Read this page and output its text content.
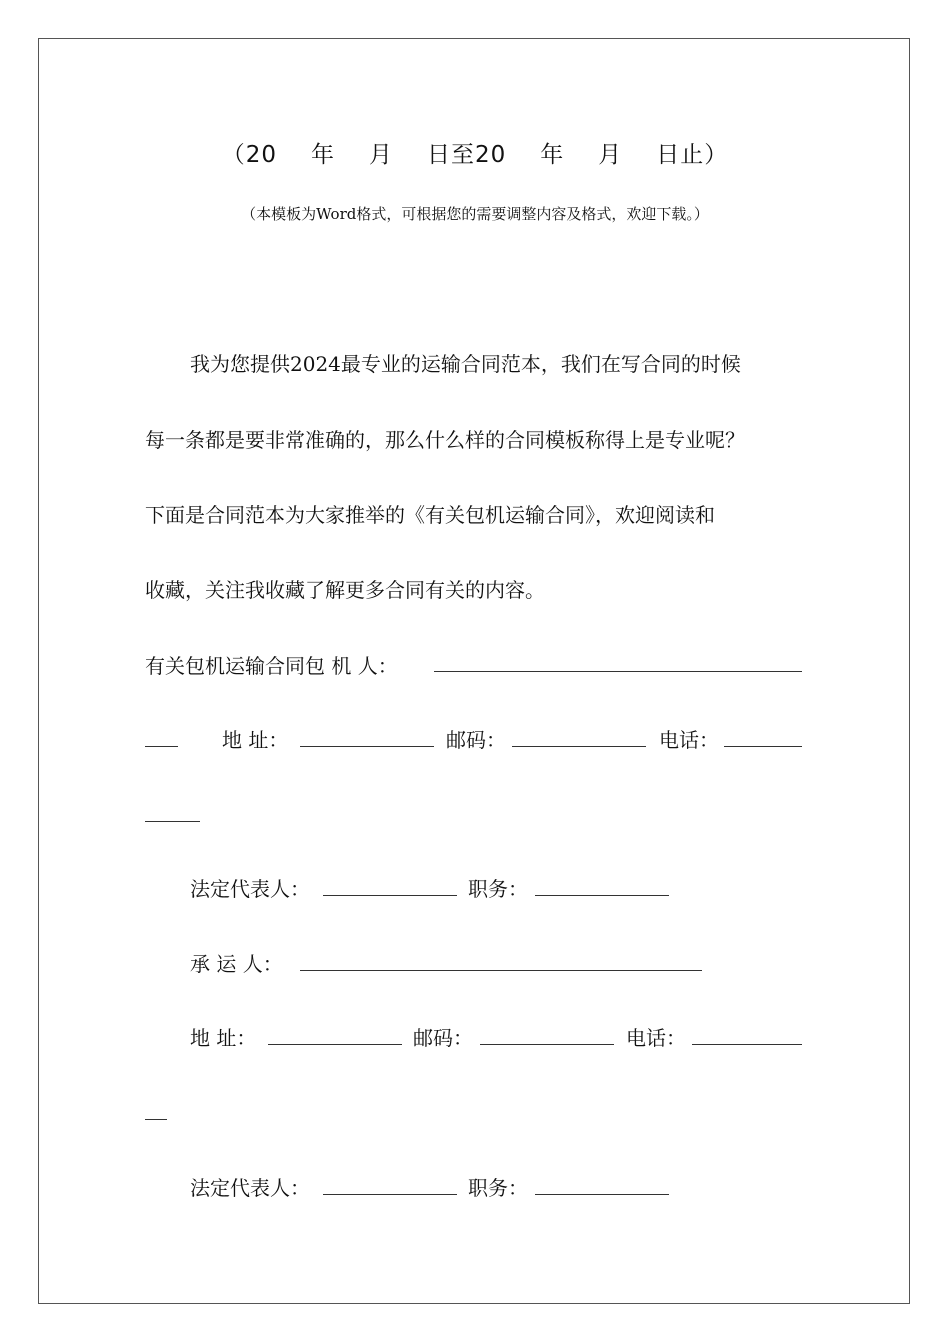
（20 年 月 日至20 年 月 日止）
（本模板为Word格式，可根据您的需要调整内容及格式，欢迎下载。）
我为您提供2024最专业的运输合同范本，我们在写合同的时候
每一条都是要非常准确的，那么什么样的合同模板称得上是专业呢？
下面是合同范本为大家推举的《有关包机运输合同》，欢迎阅读和
收藏，关注我收藏了解更多合同有关的内容。
有关包机运输合同包 机 人：
地 址：	邮码：	电话：
法定代表人：	职务：
承 运 人：
地 址：	邮码：	电话：
法定代表人：	职务：
